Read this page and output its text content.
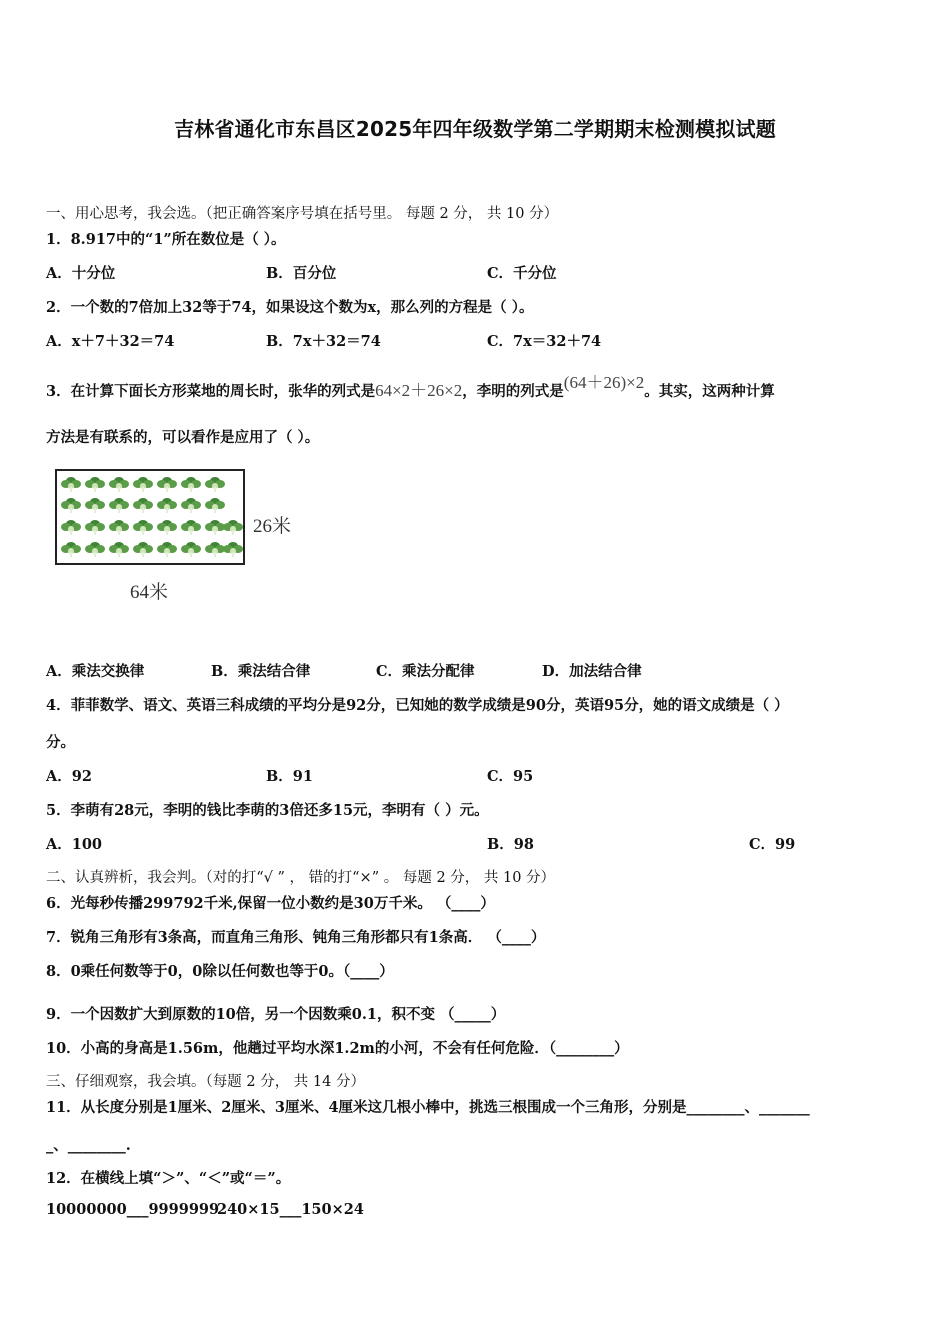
吉林省通化市东昌区2025年四年级数学第二学期期末检测模拟试题
一、用心思考，我会选。（把正确答案序号填在括号里。 每题 2 分， 共 10 分）
1．8.917中的“1”所在数位是（ ）。
A．十分位	B．百分位	C．千分位
2．一个数的7倍加上32等于74，如果设这个数为x，那么列的方程是（ ）。
A．x＋7＋32＝74	B．7x＋32＝74	C．7x＝32＋74
3．在计算下面长方形菜地的周长时，张华的列式是64×2＋26×2，李明的列式是(64＋26)×2。其实，这两种计算
方法是有联系的，可以看作是应用了（ ）。
26米
64米
A．乘法交换律	B．乘法结合律	C．乘法分配律	D．加法结合律
4．菲菲数学、语文、英语三科成绩的平均分是92分，已知她的数学成绩是90分，英语95分，她的语文成绩是（ ）
分。
A．92	B．91	C．95
5．李萌有28元，李明的钱比李萌的3倍还多15元，李明有（ ）元。
A．100	B．98	C．99
二、认真辨析，我会判。（对的打“√ ” ， 错的打“×” 。 每题 2 分， 共 10 分）
6．光每秒传播299792千米,保留一位小数约是30万千米。 （____）
7．锐角三角形有3条高，而直角三角形、钝角三角形都只有1条高． （____）
8．0乘任何数等于0，0除以任何数也等于0。（____）
9．一个因数扩大到原数的10倍，另一个因数乘0.1，积不变 （_____）
10．小高的身高是1.56m，他趟过平均水深1.2m的小河，不会有任何危险．（________）
三、仔细观察，我会填。（每题 2 分， 共 14 分）
11．从长度分别是1厘米、2厘米、3厘米、4厘米这几根小棒中，挑选三根围成一个三角形，分别是________、_______
_、________.
12．在横线上填“＞”、“＜”或“＝”。
10000000___9999999
240×15___150×24
